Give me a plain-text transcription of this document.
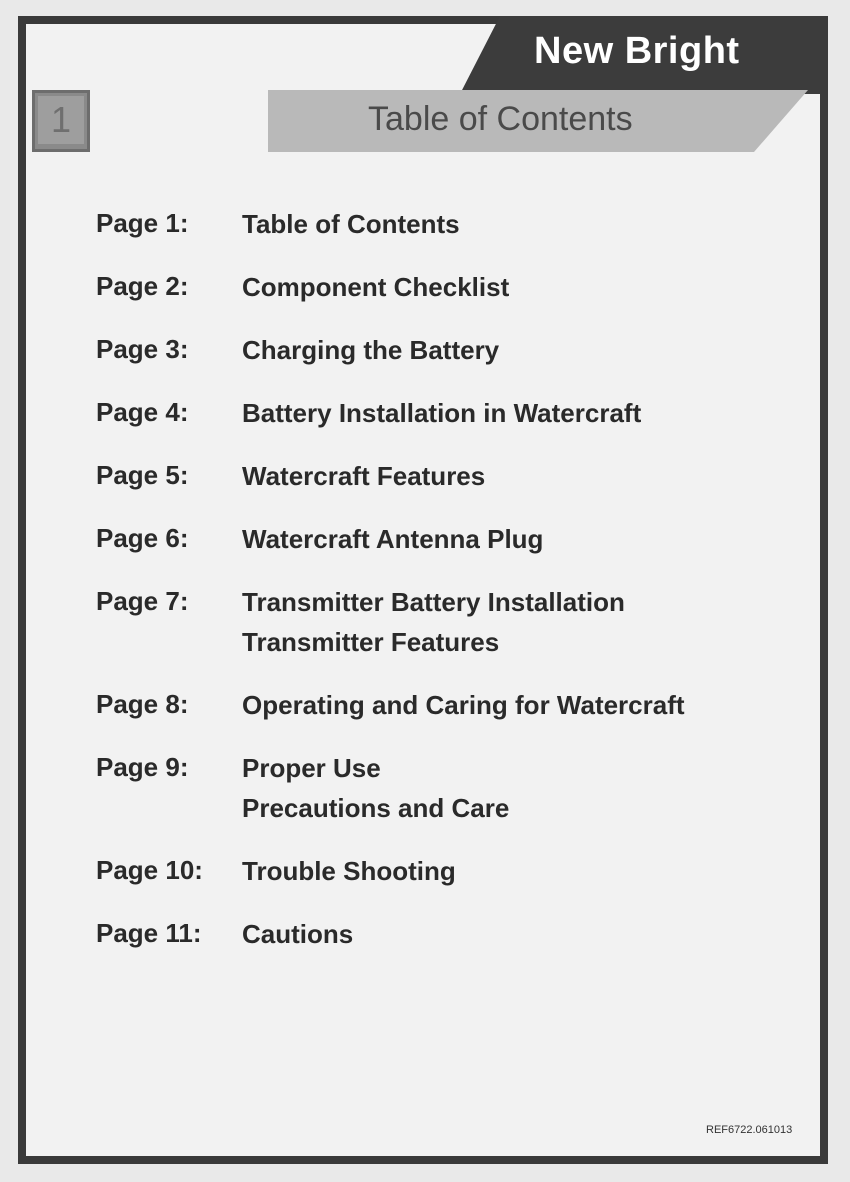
New Bright
1	Table of Contents
Page 1:	Table of Contents
Page 2:	Component Checklist
Page 3:	Charging the Battery
Page 4:	Battery Installation in Watercraft
Page 5:	Watercraft Features
Page 6:	Watercraft Antenna Plug
Page 7:	Transmitter Battery Installation
Transmitter Features
Page 8:	Operating and Caring for Watercraft
Page 9:	Proper Use
Precautions and Care
Page 10:	Trouble Shooting
Page 11:	Cautions
REF6722.061013
